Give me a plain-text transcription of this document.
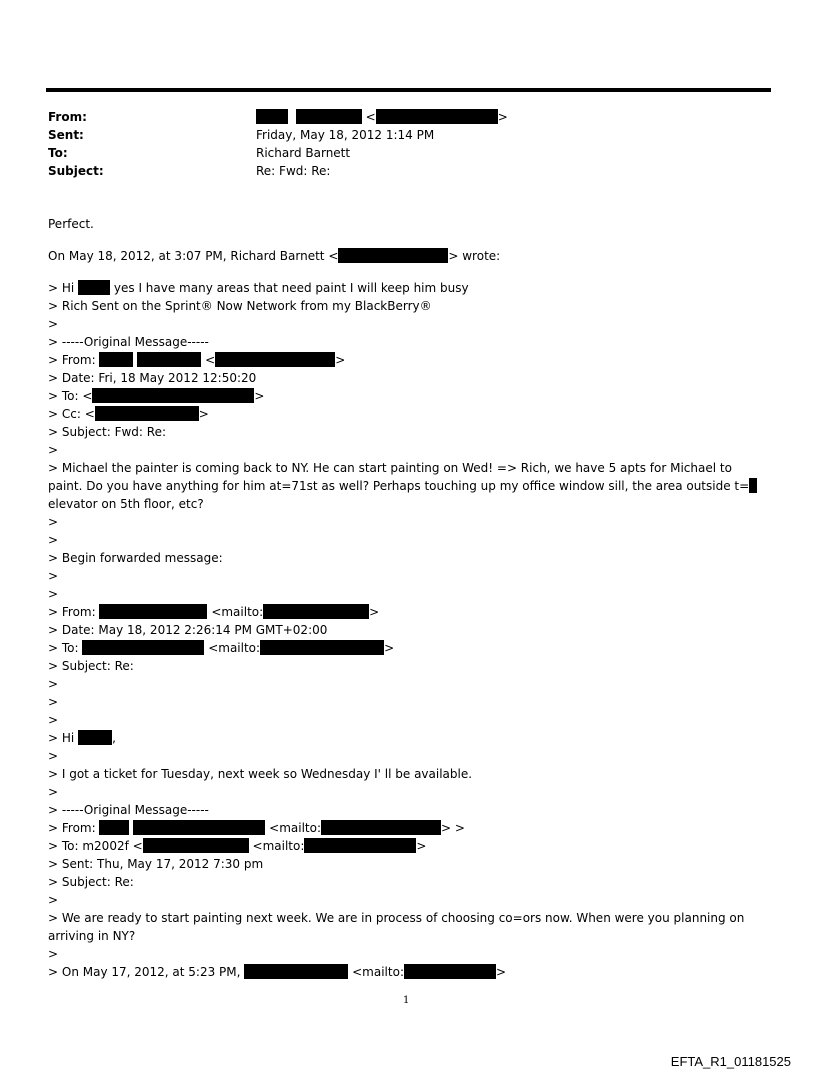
From:	<	>
Sent:	Friday, May 18, 2012 1:14 PM
To:	Richard Barnett
Subject:	Re: Fwd: Re:
Perfect.
On May 18, 2012, at 3:07 PM, Richard Barnett <	> wrote:
> Hi	yes I have many areas that need paint I will keep him busy
> Rich Sent on the Sprint® Now Network from my BlackBerry®
>
> -----Original Message-----
> From:	<	>
> Date: Fri, 18 May 2012 12:50:20
> To: <	>
> Cc: <	>
> Subject: Fwd: Re:
>
> Michael the painter is coming back to NY. He can start painting on Wed! => Rich, we have 5 apts for Michael to paint. Do you have anything for him at=71st as well? Perhaps touching up my office window sill, the area outside t= elevator on 5th floor, etc?
>
>
> Begin forwarded message:
>
>
> From:	<mailto:	>
> Date: May 18, 2012 2:26:14 PM GMT+02:00
> To:	<mailto:	>
> Subject: Re:
>
>
>
> Hi	,
>
> I got a ticket for Tuesday, next week so Wednesday I' ll be available.
>
> -----Original Message-----
> From:	<mailto:	> >
> To: m2002f <	<mailto:	>
> Sent: Thu, May 17, 2012 7:30 pm
> Subject: Re:
>
> We are ready to start painting next week. We are in process of choosing co=ors now. When were you planning on arriving in NY?
>
> On May 17, 2012, at 5:23 PM,	<mailto:	>
1
EFTA_R1_01181525
